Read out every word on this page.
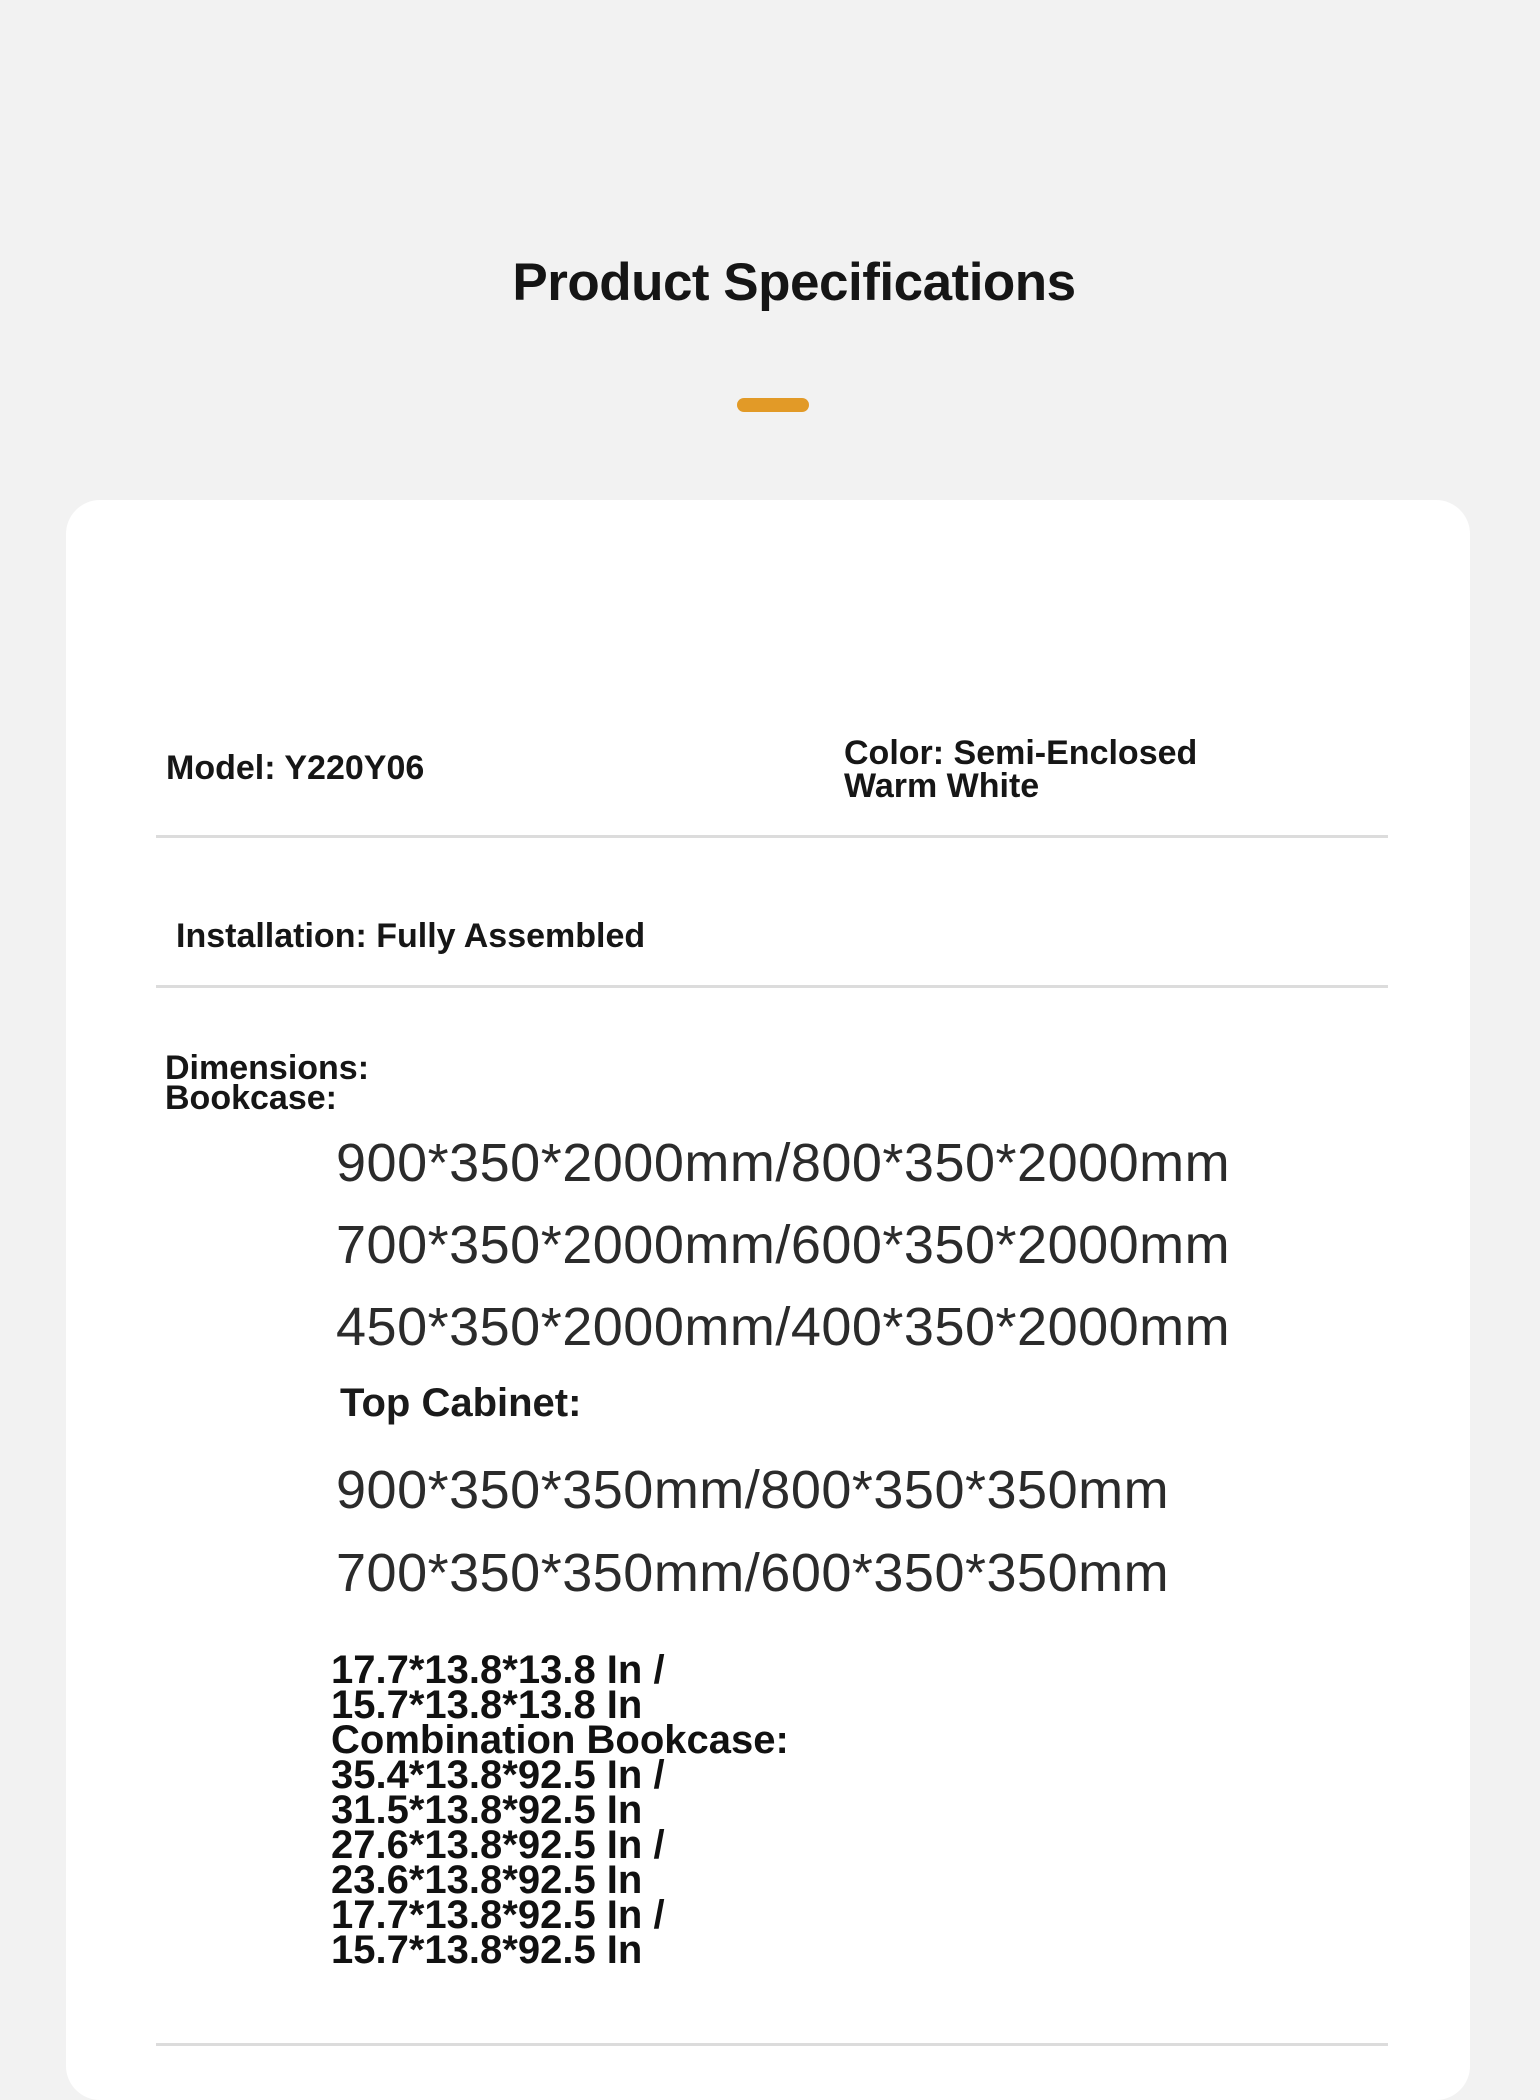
Product Specifications
Model: Y220Y06	Color: Semi-Enclosed
Warm White
Installation: Fully Assembled
Dimensions:
Bookcase:
900*350*2000mm/800*350*2000mm
700*350*2000mm/600*350*2000mm
450*350*2000mm/400*350*2000mm
Top Cabinet:
900*350*350mm/800*350*350mm
700*350*350mm/600*350*350mm
17.7*13.8*13.8 In /
15.7*13.8*13.8 In
Combination Bookcase:
35.4*13.8*92.5 In /
31.5*13.8*92.5 In
27.6*13.8*92.5 In /
23.6*13.8*92.5 In
17.7*13.8*92.5 In /
15.7*13.8*92.5 In
